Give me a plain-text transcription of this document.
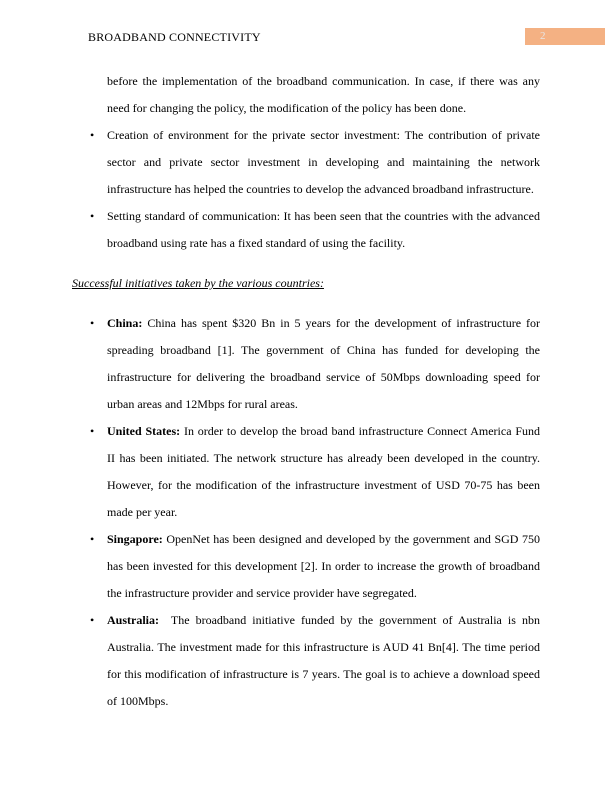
BROADBAND CONNECTIVITY	2

before the implementation of the broadband communication. In case, if there was any need for changing the policy, the modification of the policy has been done.

• Creation of environment for the private sector investment: The contribution of private sector and private sector investment in developing and maintaining the network infrastructure has helped the countries to develop the advanced broadband infrastructure.
• Setting standard of communication: It has been seen that the countries with the advanced broadband using rate has a fixed standard of using the facility.

Successful initiatives taken by the various countries:

• China: China has spent $320 Bn in 5 years for the development of infrastructure for spreading broadband [1]. The government of China has funded for developing the infrastructure for delivering the broadband service of 50Mbps downloading speed for urban areas and 12Mbps for rural areas.
• United States: In order to develop the broad band infrastructure Connect America Fund II has been initiated. The network structure has already been developed in the country. However, for the modification of the infrastructure investment of USD 70-75 has been made per year.
• Singapore: OpenNet has been designed and developed by the government and SGD 750 has been invested for this development [2]. In order to increase the growth of broadband the infrastructure provider and service provider have segregated.
• Australia: The broadband initiative funded by the government of Australia is nbn Australia. The investment made for this infrastructure is AUD 41 Bn[4]. The time period for this modification of infrastructure is 7 years. The goal is to achieve a download speed of 100Mbps.
